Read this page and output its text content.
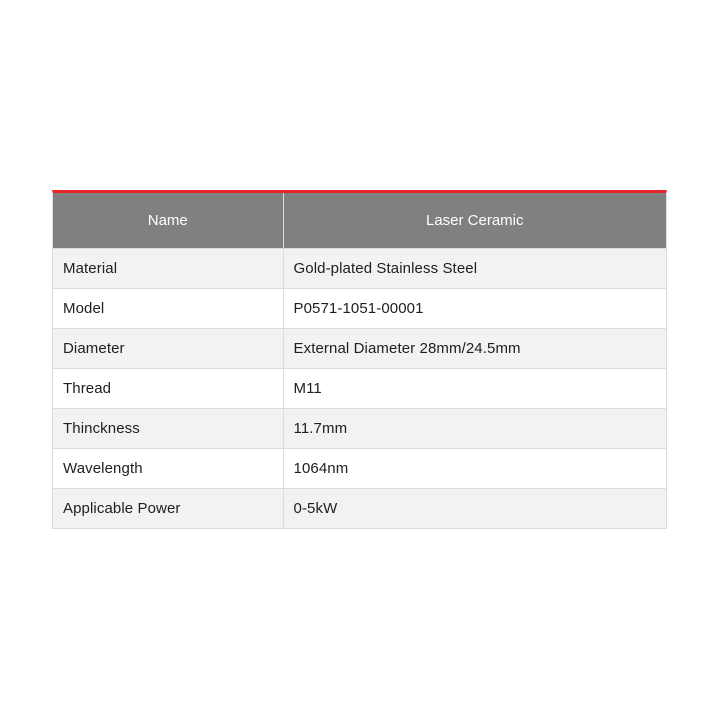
Name	Laser Ceramic
Material	Gold-plated Stainless Steel
Model	P0571-1051-00001
Diameter	External Diameter 28mm/24.5mm
Thread	M11
Thinckness	11.7mm
Wavelength	1064nm
Applicable Power	0-5kW
